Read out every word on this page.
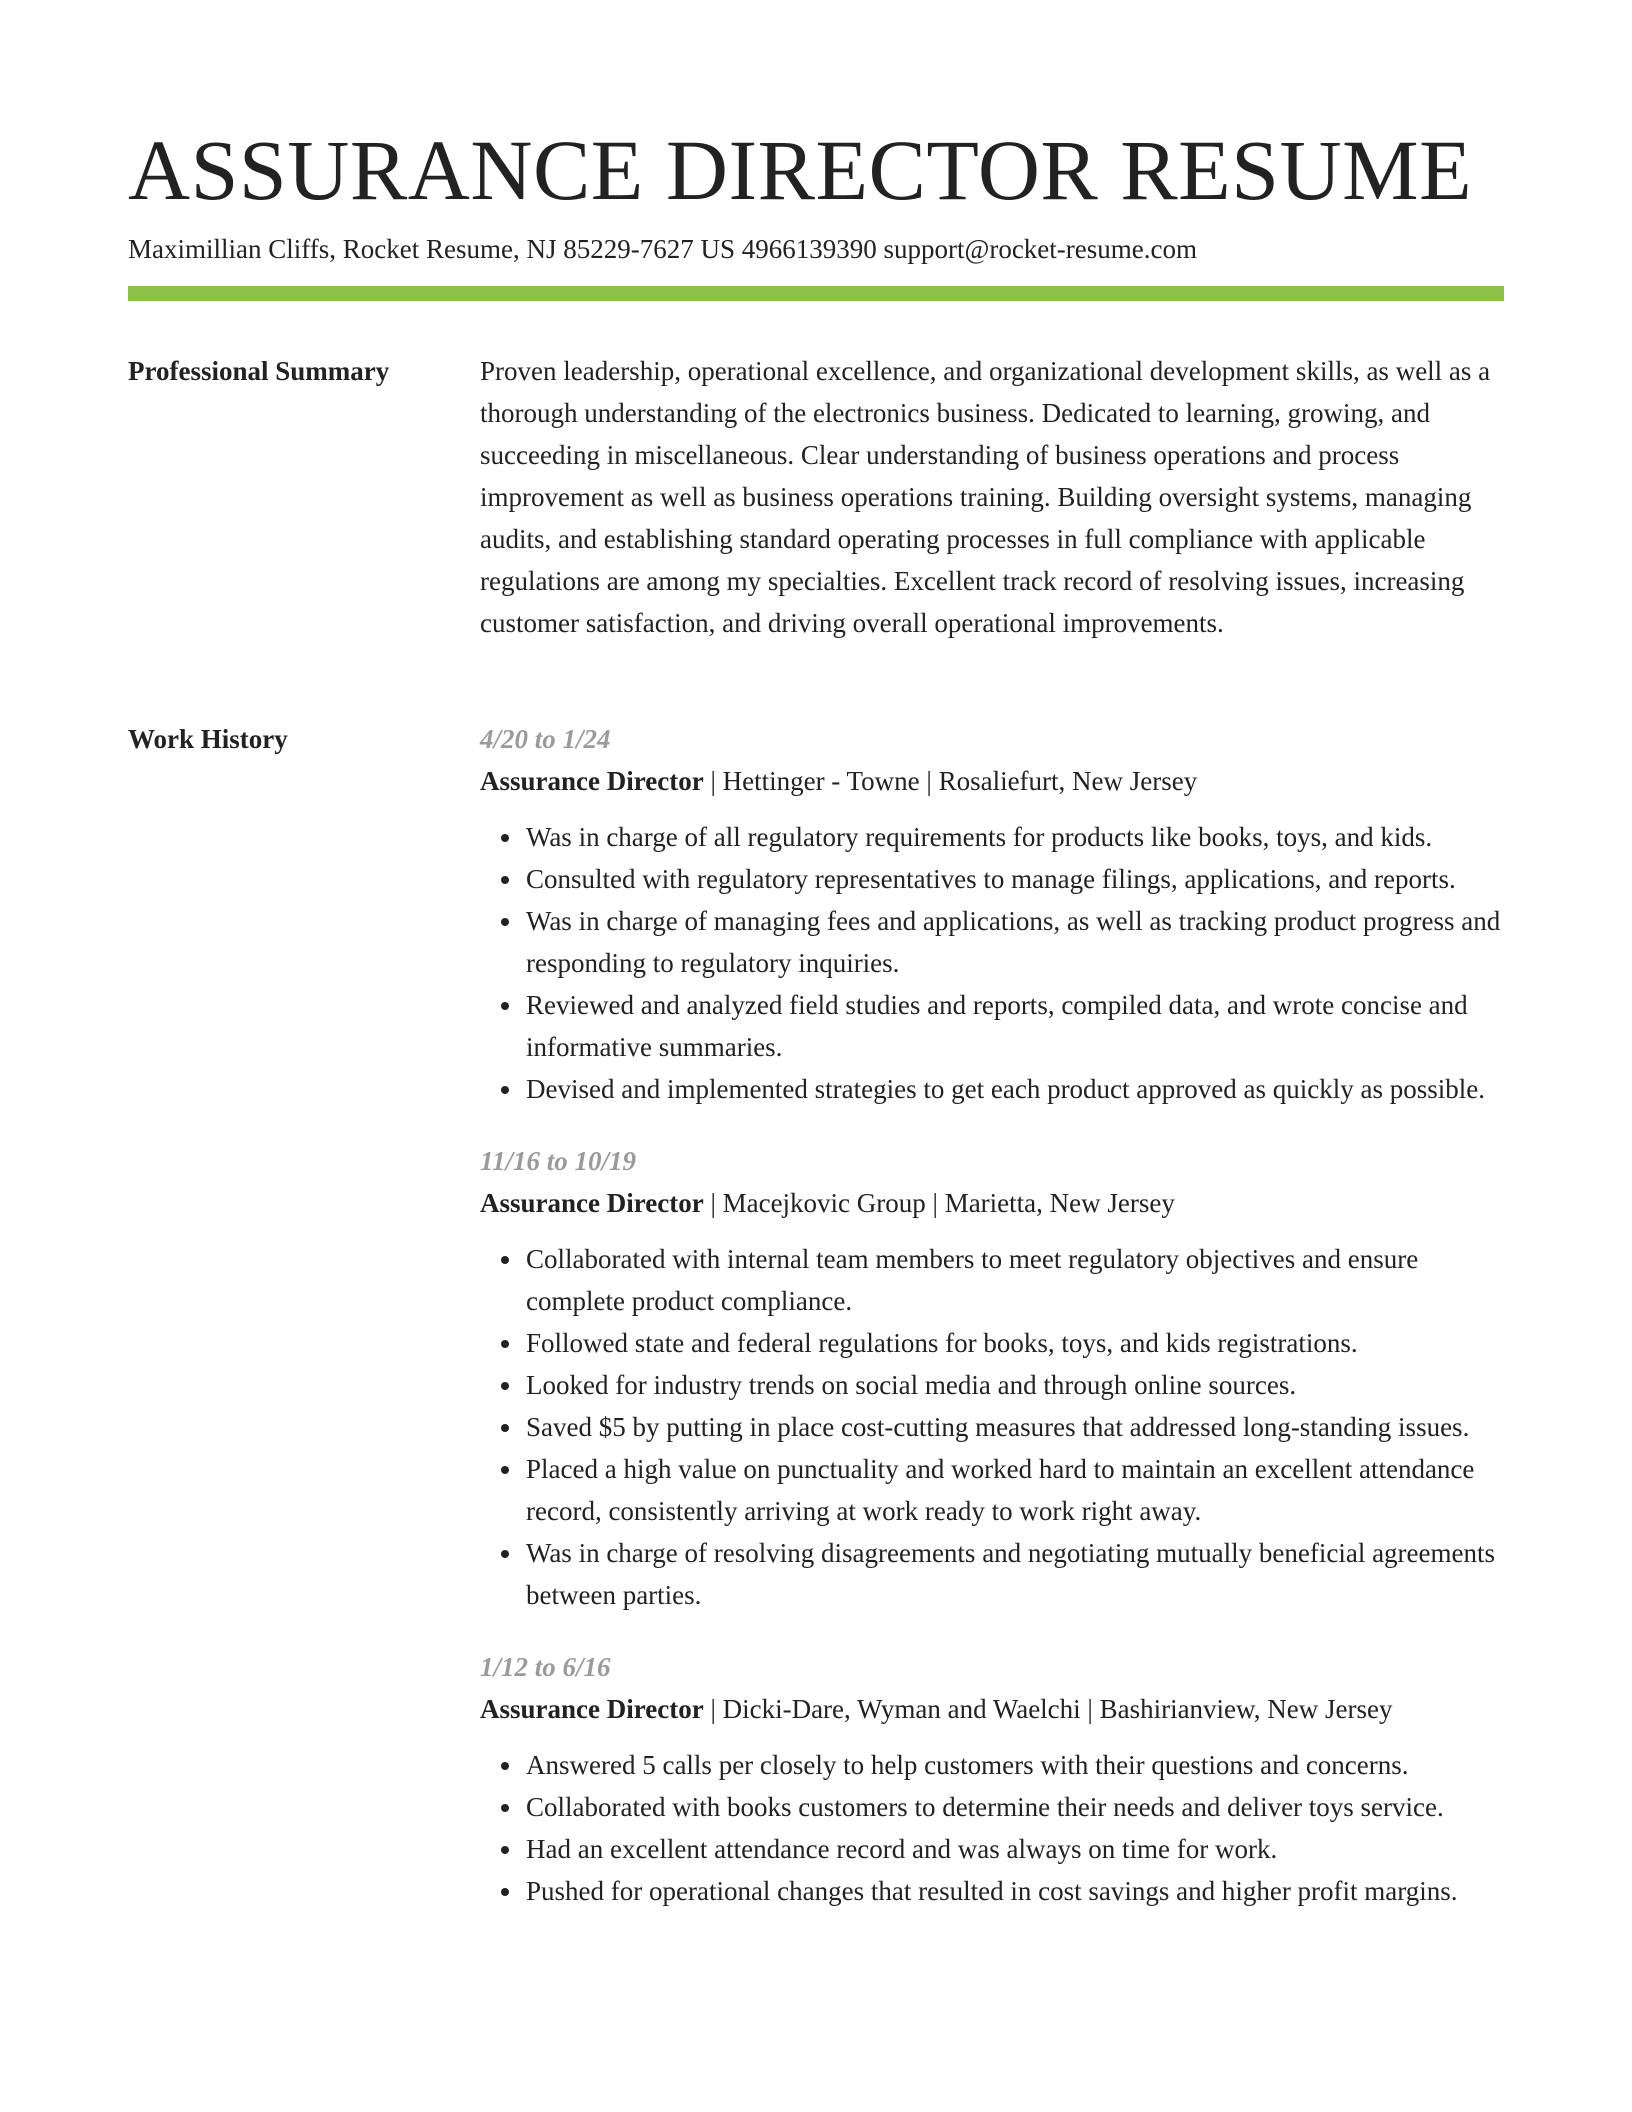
ASSURANCE DIRECTOR RESUME
Maximillian Cliffs, Rocket Resume, NJ 85229-7627 US 4966139390 support@rocket-resume.com
Professional Summary	Proven leadership, operational excellence, and organizational development skills, as well as a thorough understanding of the electronics business. Dedicated to learning, growing, and succeeding in miscellaneous. Clear understanding of business operations and process improvement as well as business operations training. Building oversight systems, managing audits, and establishing standard operating processes in full compliance with applicable regulations are among my specialties. Excellent track record of resolving issues, increasing customer satisfaction, and driving overall operational improvements.
Work History	4/20 to 1/24
Assurance Director | Hettinger - Towne | Rosaliefurt, New Jersey
• Was in charge of all regulatory requirements for products like books, toys, and kids.
• Consulted with regulatory representatives to manage filings, applications, and reports.
• Was in charge of managing fees and applications, as well as tracking product progress and responding to regulatory inquiries.
• Reviewed and analyzed field studies and reports, compiled data, and wrote concise and informative summaries.
• Devised and implemented strategies to get each product approved as quickly as possible.
11/16 to 10/19
Assurance Director | Macejkovic Group | Marietta, New Jersey
• Collaborated with internal team members to meet regulatory objectives and ensure complete product compliance.
• Followed state and federal regulations for books, toys, and kids registrations.
• Looked for industry trends on social media and through online sources.
• Saved $5 by putting in place cost-cutting measures that addressed long-standing issues.
• Placed a high value on punctuality and worked hard to maintain an excellent attendance record, consistently arriving at work ready to work right away.
• Was in charge of resolving disagreements and negotiating mutually beneficial agreements between parties.
1/12 to 6/16
Assurance Director | Dicki-Dare, Wyman and Waelchi | Bashirianview, New Jersey
• Answered 5 calls per closely to help customers with their questions and concerns.
• Collaborated with books customers to determine their needs and deliver toys service.
• Had an excellent attendance record and was always on time for work.
• Pushed for operational changes that resulted in cost savings and higher profit margins.
